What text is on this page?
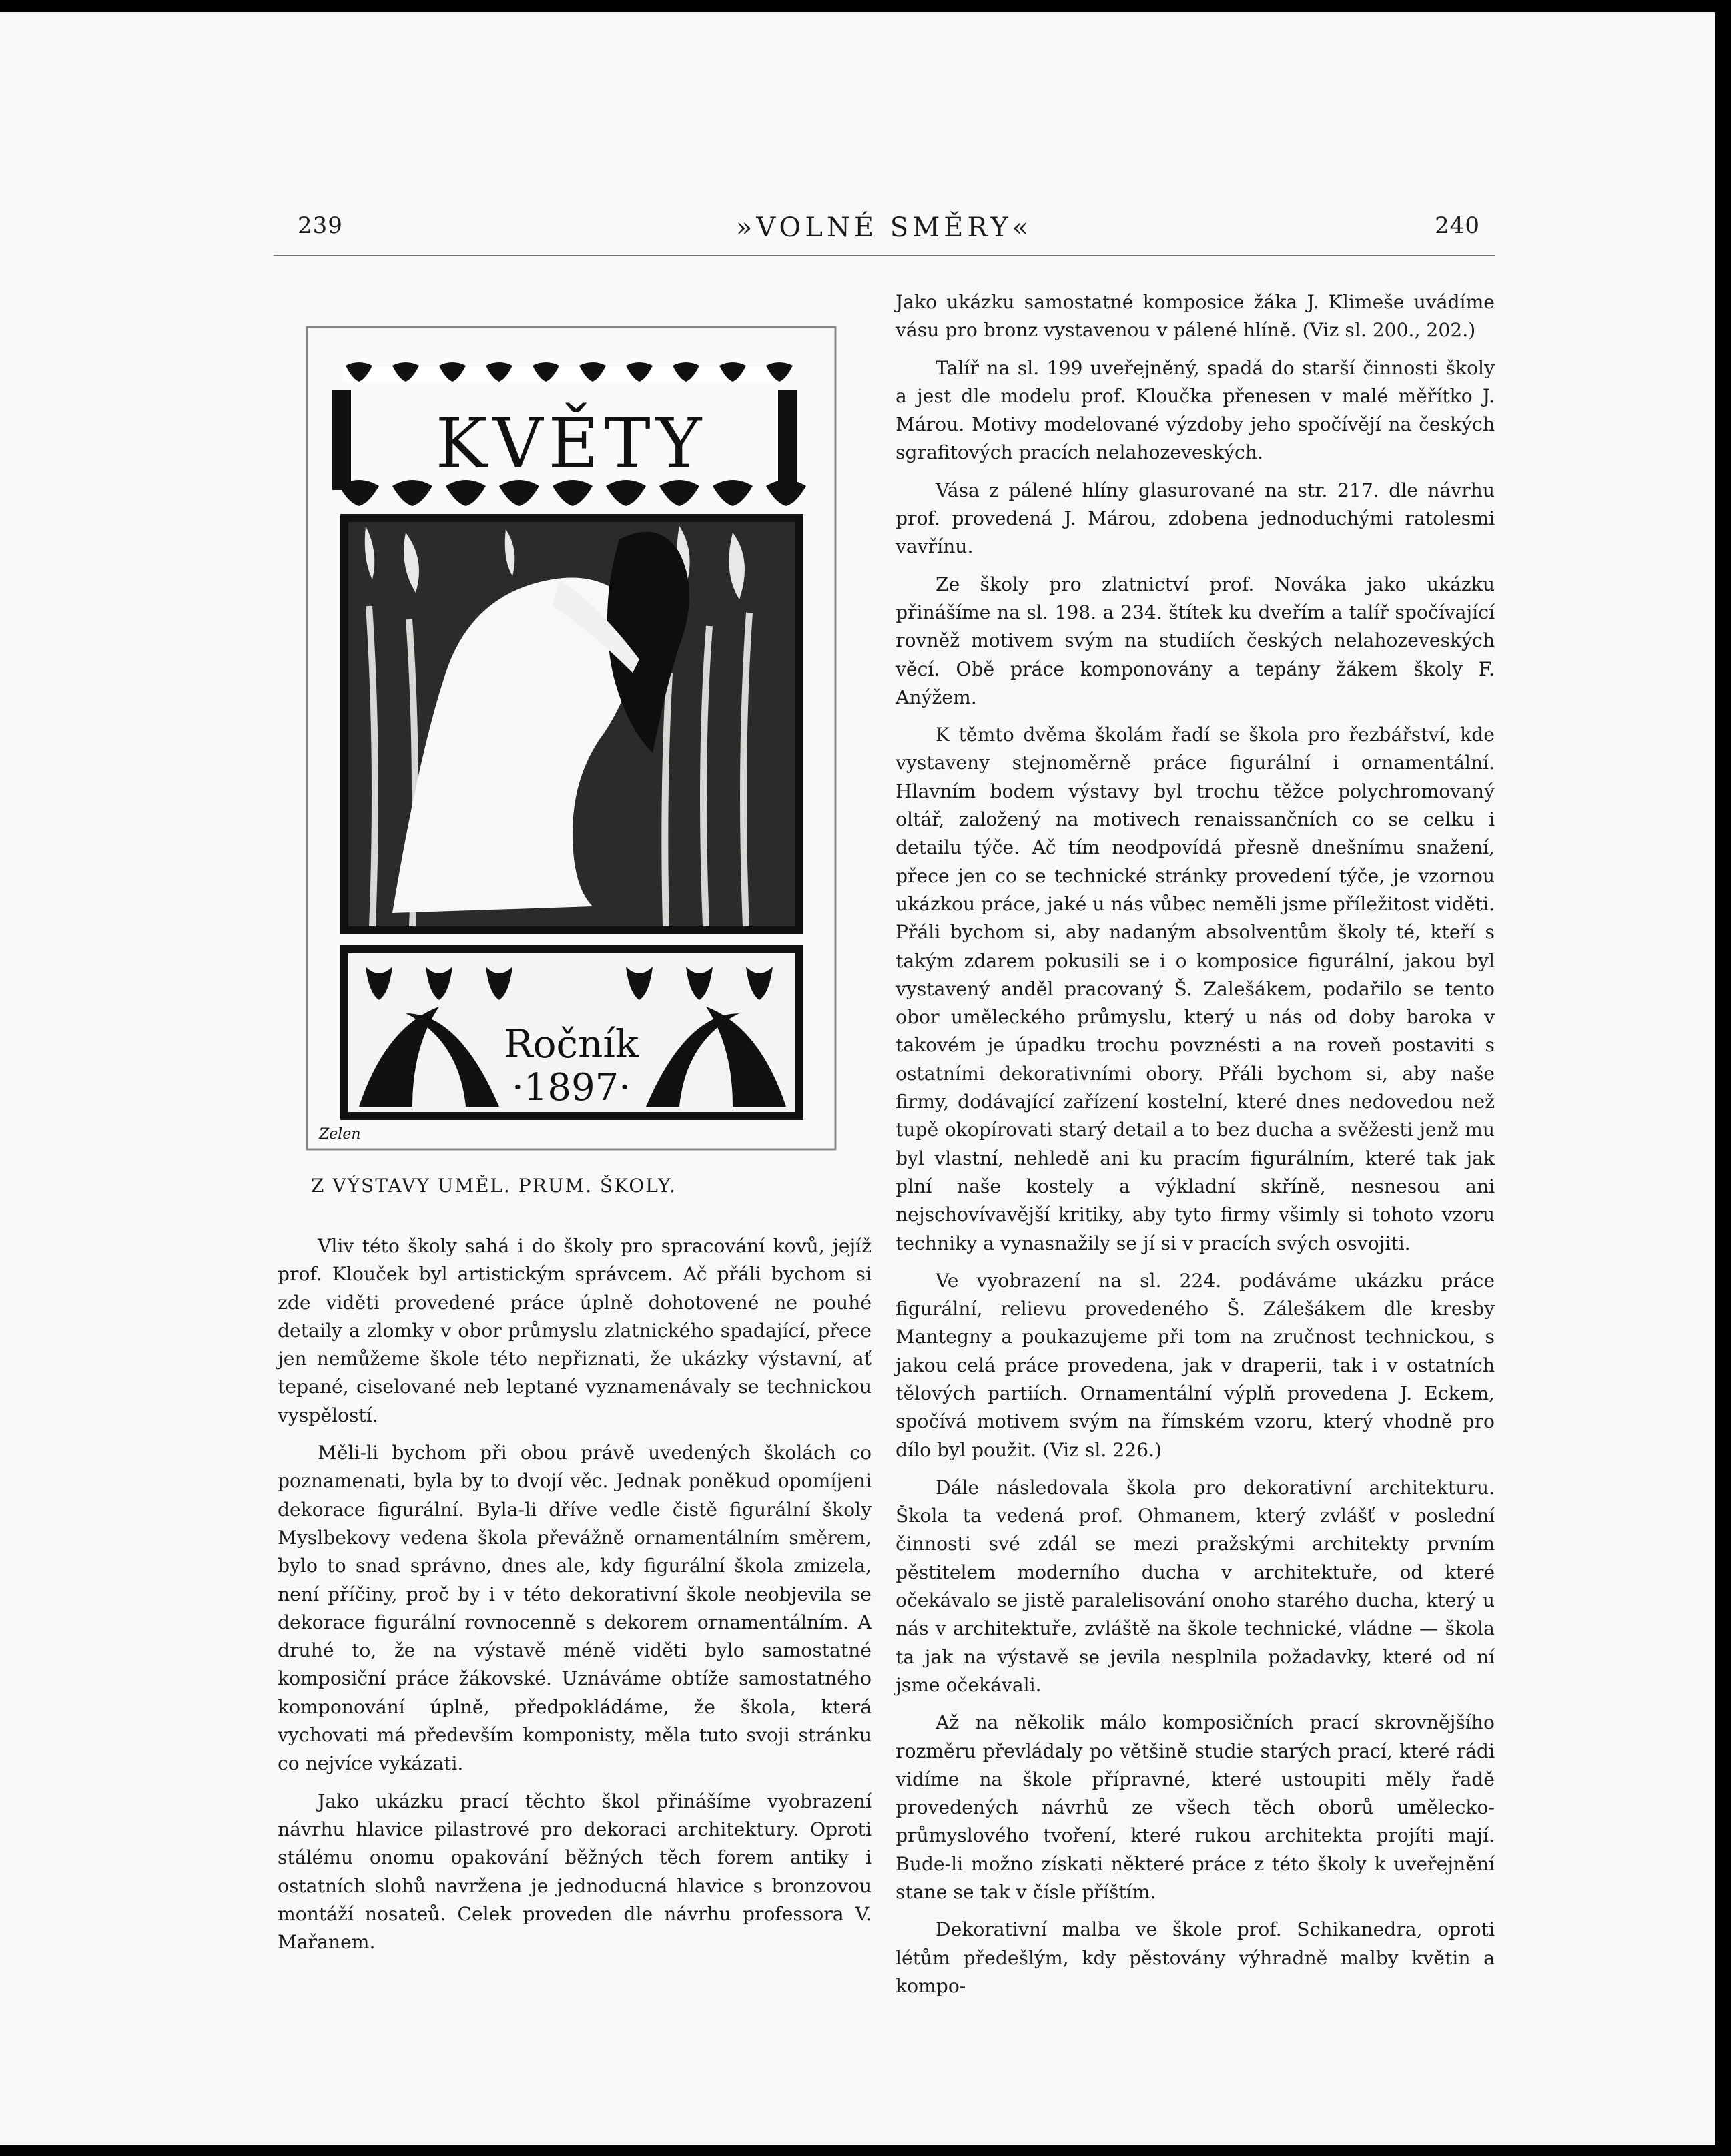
239	»VOLNÉ SMĚRY«	240
KVĚTY
Ročník
·1897·
Zelen
Z VÝSTAVY UMĚL. PRUM. ŠKOLY.

Vliv této školy sahá i do školy pro spracování kovů, jejíž prof. Klouček byl artistickým správcem. Ač přáli bychom si zde viděti provedené práce úplně dohotovené ne pouhé detaily a zlomky v obor průmyslu zlatnického spadající, přece jen nemůžeme škole této nepřiznati, že ukázky výstavní, ať tepané, ciselované neb leptané vyznamenávaly se technickou vyspělostí.

Měli-li bychom při obou právě uvedených školách co poznamenati, byla by to dvojí věc. Jednak poněkud opomíjeni dekorace figurální. Byla-li dříve vedle čistě figurální školy Myslbekovy vedena škola převážně ornamentálním směrem, bylo to snad správno, dnes ale, kdy figurální škola zmizela, není příčiny, proč by i v této dekorativní škole neobjevila se dekorace figurální rovnocenně s dekorem ornamentálním. A druhé to, že na výstavě méně viděti bylo samostatné komposiční práce žákovské. Uznáváme obtíže samostatného komponování úplně, předpokládáme, že škola, která vychovati má především komponisty, měla tuto svoji stránku co nejvíce vykázati.

Jako ukázku prací těchto škol přinášíme vyobrazení návrhu hlavice pilastrové pro dekoraci architektury. Oproti stálému onomu opakování běžných těch forem antiky i ostatních slohů navržena je jednoducná hlavice s bronzovou montáží nosateů. Celek proveden dle návrhu professora V. Mařanem.

Jako ukázku samostatné komposice žáka J. Klimeše uvádíme vásu pro bronz vystavenou v pálené hlíně. (Viz sl. 200., 202.)

Talíř na sl. 199 uveřejněný, spadá do starší činnosti školy a jest dle modelu prof. Kloučka přenesen v malé měřítko J. Márou. Motivy modelované výzdoby jeho spočívějí na českých sgrafitových pracích nelahozeveských.

Vása z pálené hlíny glasurované na str. 217. dle návrhu prof. provedená J. Márou, zdobena jednoduchými ratolesmi vavřínu.

Ze školy pro zlatnictví prof. Nováka jako ukázku přinášíme na sl. 198. a 234. štítek ku dveřím a talíř spočívající rovněž motivem svým na studiích českých nelahozeveských věcí. Obě práce komponovány a tepány žákem školy F. Anýžem.

K těmto dvěma školám řadí se škola pro řezbářství, kde vystaveny stejnoměrně práce figurální i ornamentální. Hlavním bodem výstavy byl trochu těžce polychromovaný oltář, založený na motivech renaissančních co se celku i detailu týče. Ač tím neodpovídá přesně dnešnímu snažení, přece jen co se technické stránky provedení týče, je vzornou ukázkou práce, jaké u nás vůbec neměli jsme příležitost viděti. Přáli bychom si, aby nadaným absolventům školy té, kteří s takým zdarem pokusili se i o komposice figurální, jakou byl vystavený anděl pracovaný Š. Zalešákem, podařilo se tento obor uměleckého průmyslu, který u nás od doby baroka v takovém je úpadku trochu povznésti a na roveň postaviti s ostatními dekorativními obory. Přáli bychom si, aby naše firmy, dodávající zařízení kostelní, které dnes nedovedou než tupě okopírovati starý detail a to bez ducha a svěžesti jenž mu byl vlastní, nehledě ani ku pracím figurálním, které tak jak plní naše kostely a výkladní skříně, nesnesou ani nejschovívavější kritiky, aby tyto firmy všimly si tohoto vzoru techniky a vynasnažily se jí si v pracích svých osvojiti.

Ve vyobrazení na sl. 224. podáváme ukázku práce figurální, relievu provedeného Š. Zálešákem dle kresby Mantegny a poukazujeme při tom na zručnost technickou, s jakou celá práce provedena, jak v draperii, tak i v ostatních tělových partiích. Ornamentální výplň provedena J. Eckem, spočívá motivem svým na římském vzoru, který vhodně pro dílo byl použit. (Viz sl. 226.)

Dále následovala škola pro dekorativní architekturu. Škola ta vedená prof. Ohmanem, který zvlášť v poslední činnosti své zdál se mezi pražskými architekty prvním pěstitelem moderního ducha v architektuře, od které očekávalo se jistě paralelisování onoho starého ducha, který u nás v architektuře, zvláště na škole technické, vládne — škola ta jak na výstavě se jevila nesplnila požadavky, které od ní jsme očekávali.

Až na několik málo komposičních prací skrovnějšího rozměru převládaly po většině studie starých prací, které rádi vidíme na škole přípravné, které ustoupiti měly řadě provedených návrhů ze všech těch oborů umělecko-průmyslového tvoření, které rukou architekta projíti mají. Bude-li možno získati některé práce z této školy k uveřejnění stane se tak v čísle příštím.

Dekorativní malba ve škole prof. Schikanedra, oproti létům předešlým, kdy pěstovány výhradně malby květin a kompo-
